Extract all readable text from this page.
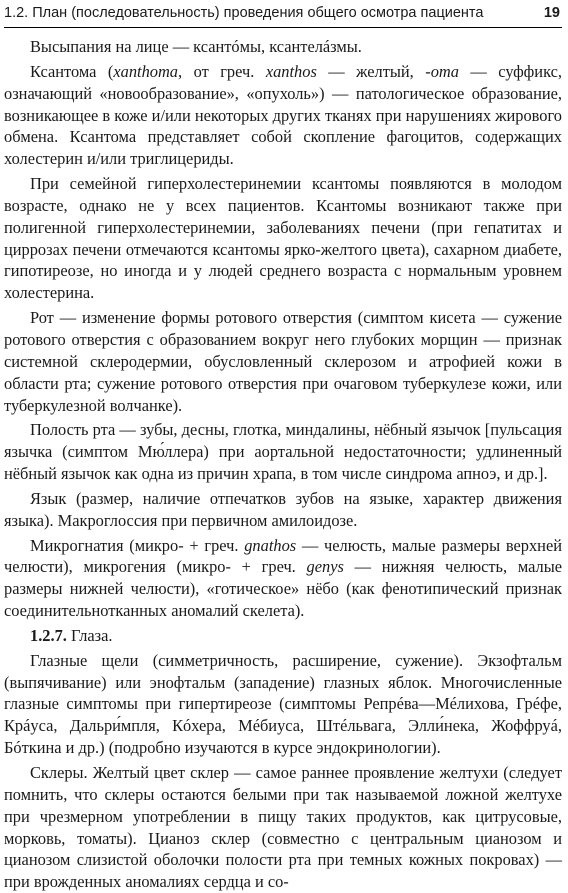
1.2. План (последовательность) проведения общего осмотра пациента	19

Высыпания на лице — ксантóмы, ксантелáзмы.

Ксантома (xanthoma, от греч. xanthos — желтый, -oma — суффикс, означающий «новообразование», «опухоль») — патологическое образование, возникающее в коже и/или некоторых других тканях при нарушениях жирового обмена. Ксантома представляет собой скопление фагоцитов, содержащих холестерин и/или триглицериды.

При семейной гиперхолестеринемии ксантомы появляются в молодом возрасте, однако не у всех пациентов. Ксантомы возникают также при полигенной гиперхолестеринемии, заболеваниях печени (при гепатитах и циррозах печени отмечаются ксантомы ярко-желтого цвета), сахарном диабете, гипотиреозе, но иногда и у людей среднего возраста с нормальным уровнем холестерина.

Рот — изменение формы ротового отверстия (симптом кисета — сужение ротового отверстия с образованием вокруг него глубоких морщин — признак системной склеродермии, обусловленный склерозом и атрофией кожи в области рта; сужение ротового отверстия при очаговом туберкулезе кожи, или туберкулезной волчанке).

Полость рта — зубы, десны, глотка, миндалины, нёбный язычок [пульсация язычка (симптом Мю́ллера) при аортальной недостаточности; удлиненный нёбный язычок как одна из причин храпа, в том числе синдрома апноэ, и др.].

Язык (размер, наличие отпечатков зубов на языке, характер движения языка). Макроглоссия при первичном амилоидозе.

Микрогнатия (микро- + греч. gnathos — челюсть, малые размеры верхней челюсти), микрогения (микро- + греч. genys — нижняя челюсть, малые размеры нижней челюсти), «готическое» нёбо (как фенотипический признак соединительнотканных аномалий скелета).

1.2.7. Глаза.

Глазные щели (симметричность, расширение, сужение). Экзофтальм (выпячивание) или энофтальм (западение) глазных яблок. Многочисленные глазные симптомы при гипертиреозе (симптомы Репрéва—Мéлихова, Грéфе, Крáуса, Дальри́мпля, Кóхера, Мéбиуса, Штéльвага, Элли́нека, Жоффруá, Бóткина и др.) (подробно изучаются в курсе эндокринологии).

Склеры. Желтый цвет склер — самое раннее проявление желтухи (следует помнить, что склеры остаются белыми при так называемой ложной желтухе при чрезмерном употреблении в пищу таких продуктов, как цитрусовые, морковь, томаты). Цианоз склер (совместно с центральным цианозом и цианозом слизистой оболочки полости рта при темных кожных покровах) — при врожденных аномалиях сердца и со-
